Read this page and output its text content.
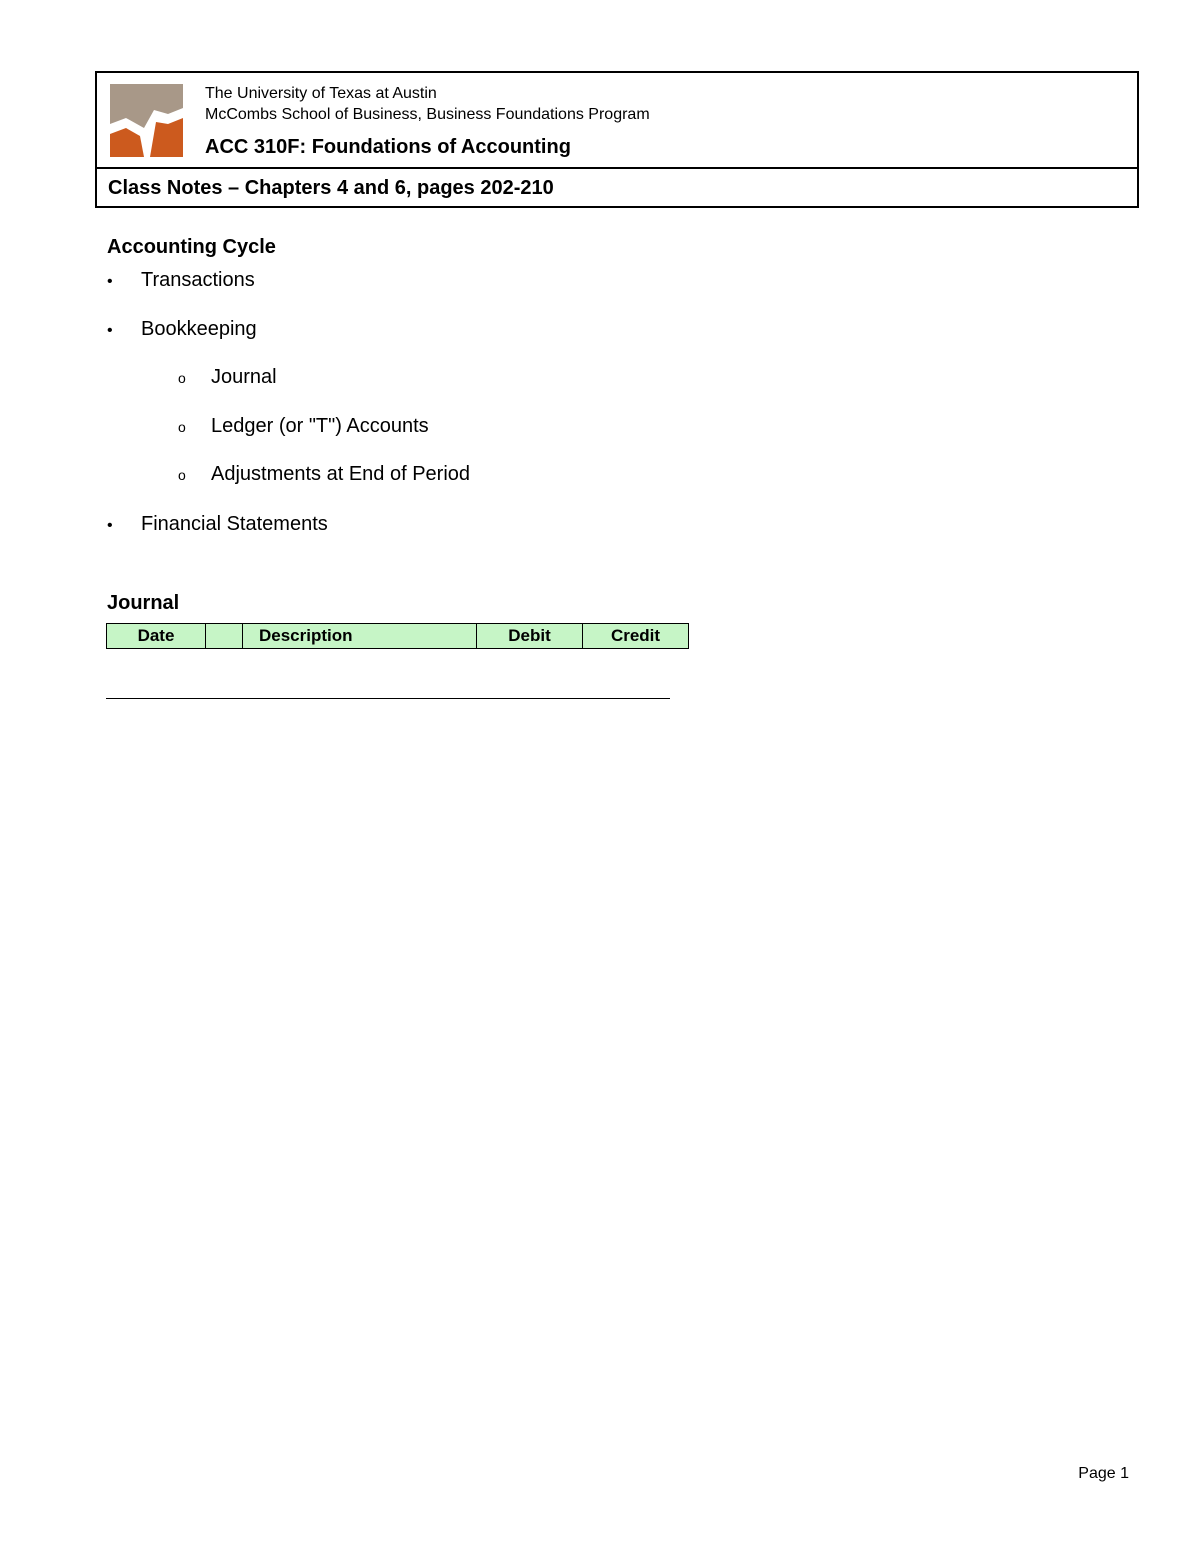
The University of Texas at Austin
McCombs School of Business, Business Foundations Program
ACC 310F: Foundations of Accounting
Class Notes – Chapters 4 and 6, pages 202-210
Accounting Cycle
•	Transactions
•	Bookkeeping
o	Journal
o	Ledger (or "T") Accounts
o	Adjustments at End of Period
•	Financial Statements
Journal
Date		Description	Debit	Credit
Page 1
